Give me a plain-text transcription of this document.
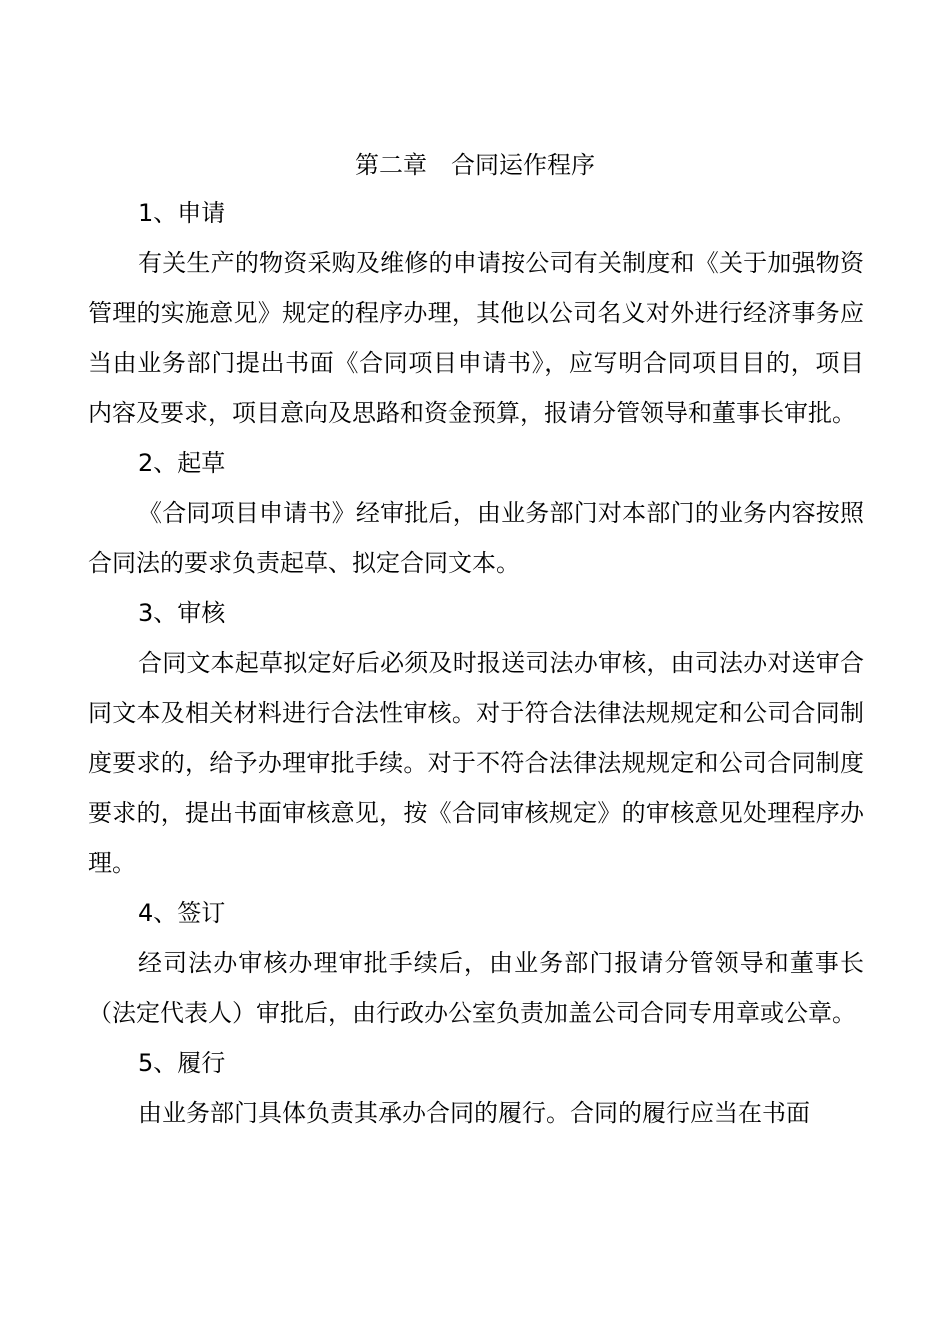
第二章　合同运作程序

1、申请

有关生产的物资采购及维修的申请按公司有关制度和《关于加强物资管理的实施意见》规定的程序办理，其他以公司名义对外进行经济事务应当由业务部门提出书面《合同项目申请书》，应写明合同项目目的，项目内容及要求，项目意向及思路和资金预算，报请分管领导和董事长审批。

2、起草

《合同项目申请书》经审批后，由业务部门对本部门的业务内容按照合同法的要求负责起草、拟定合同文本。

3、审核

合同文本起草拟定好后必须及时报送司法办审核，由司法办对送审合同文本及相关材料进行合法性审核。对于符合法律法规规定和公司合同制度要求的，给予办理审批手续。对于不符合法律法规规定和公司合同制度要求的，提出书面审核意见，按《合同审核规定》的审核意见处理程序办理。

4、签订

经司法办审核办理审批手续后，由业务部门报请分管领导和董事长（法定代表人）审批后，由行政办公室负责加盖公司合同专用章或公章。

5、履行

由业务部门具体负责其承办合同的履行。合同的履行应当在书面
